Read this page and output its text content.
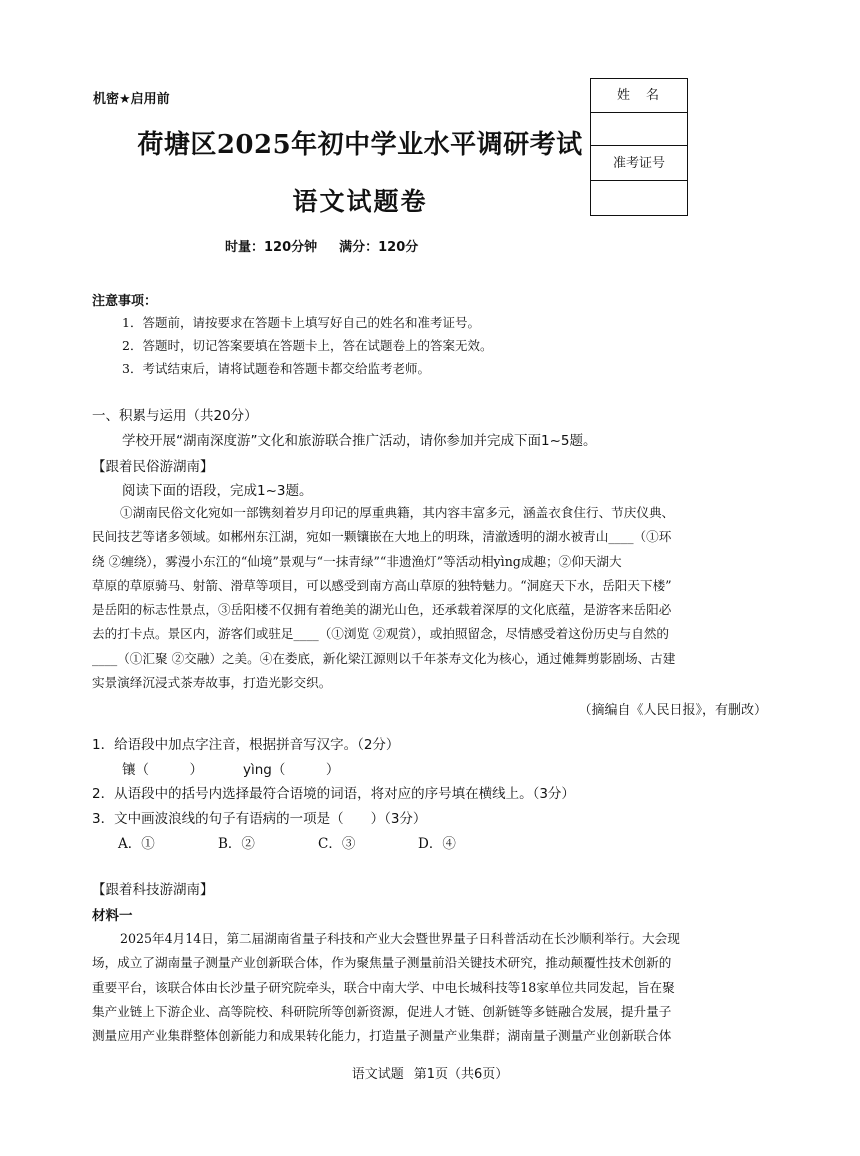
机密★启用前
荷塘区2025年初中学业水平调研考试
语文试题卷
时量：120分钟 满分：120分
姓名
准考证号
注意事项：
1．答题前，请按要求在答题卡上填写好自己的姓名和准考证号。
2．答题时，切记答案要填在答题卡上，答在试题卷上的答案无效。
3．考试结束后，请将试题卷和答题卡都交给监考老师。
一、积累与运用（共20分）
学校开展“湖南深度游”文化和旅游联合推广活动，请你参加并完成下面1~5题。
【跟着民俗游湖南】
阅读下面的语段，完成1~3题。
①湖南民俗文化宛如一部镌刻着岁月印记的厚重典籍，其内容丰富多元，涵盖衣食住行、节庆仪典、
民间技艺等诸多领域。如郴州东江湖，宛如一颗镶嵌在大地上的明珠，清澈透明的湖水被青山____（①环
绕 ②缠绕），雾漫小东江的“仙境”景观与“一抹青绿”“非遗渔灯”等活动相yìng成趣；②仰天湖大
草原的草原骑马、射箭、滑草等项目，可以感受到南方高山草原的独特魅力。“洞庭天下水，岳阳天下楼”
是岳阳的标志性景点，③岳阳楼不仅拥有着绝美的湖光山色，还承载着深厚的文化底蕴，是游客来岳阳必
去的打卡点。景区内，游客们或驻足____（①浏览 ②观赏），或拍照留念，尽情感受着这份历史与自然的
____（①汇聚 ②交融）之美。④在娄底，新化梁江源则以千年茶寿文化为核心，通过傩舞剪影剧场、古建
实景演绎沉浸式茶寿故事，打造光影交织。
（摘编自《人民日报》，有删改）
1．给语段中加点字注音，根据拼音写汉字。（2分）
镶（　　　）	yìng（　　　）
2．从语段中的括号内选择最符合语境的词语，将对应的序号填在横线上。（3分）
3．文中画波浪线的句子有语病的一项是（　　）（3分）
A．①	B．②	C．③	D．④
【跟着科技游湖南】
材料一
2025年4月14日，第二届湖南省量子科技和产业大会暨世界量子日科普活动在长沙顺利举行。大会现
场，成立了湖南量子测量产业创新联合体，作为聚焦量子测量前沿关键技术研究，推动颠覆性技术创新的
重要平台，该联合体由长沙量子研究院牵头，联合中南大学、中电长城科技等18家单位共同发起，旨在聚
集产业链上下游企业、高等院校、科研院所等创新资源，促进人才链、创新链等多链融合发展，提升量子
测量应用产业集群整体创新能力和成果转化能力，打造量子测量产业集群；湖南量子测量产业创新联合体
语文试题 第1页（共6页）
